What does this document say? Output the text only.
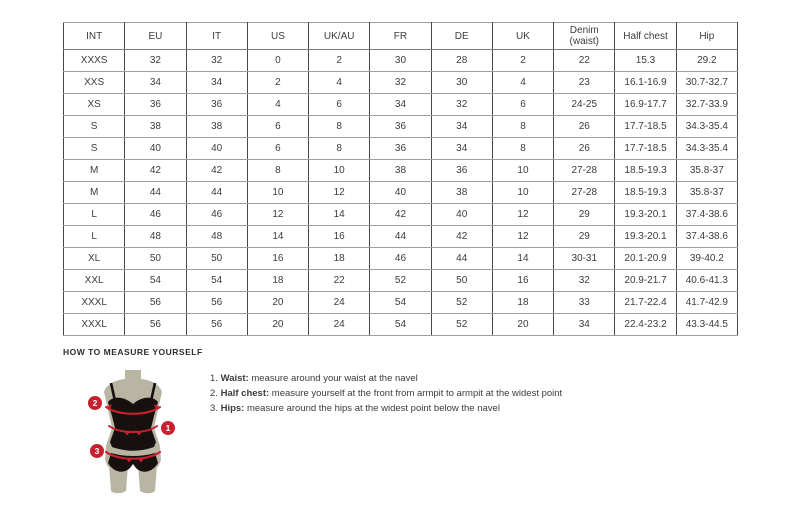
INT	EU	IT	US	UK/AU	FR	DE	UK	Denim (waist)	Half chest	Hip
XXXS	32	32	0	2	30	28	2	22	15.3	29.2
XXS	34	34	2	4	32	30	4	23	16.1-16.9	30.7-32.7
XS	36	36	4	6	34	32	6	24-25	16.9-17.7	32.7-33.9
S	38	38	6	8	36	34	8	26	17.7-18.5	34.3-35.4
S	40	40	6	8	36	34	8	26	17.7-18.5	34.3-35.4
M	42	42	8	10	38	36	10	27-28	18.5-19.3	35.8-37
M	44	44	10	12	40	38	10	27-28	18.5-19.3	35.8-37
L	46	46	12	14	42	40	12	29	19.3-20.1	37.4-38.6
L	48	48	14	16	44	42	12	29	19.3-20.1	37.4-38.6
XL	50	50	16	18	46	44	14	30-31	20.1-20.9	39-40.2
XXL	54	54	18	22	52	50	16	32	20.9-21.7	40.6-41.3
XXXL	56	56	20	24	54	52	18	33	21.7-22.4	41.7-42.9
XXXL	56	56	20	24	54	52	20	34	22.4-23.2	43.3-44.5
HOW TO MEASURE YOURSELF
2
1
3
1. Waist: measure around your waist at the navel
2. Half chest: measure yourself at the front from armpit to armpit at the widest point
3. Hips: measure around the hips at the widest point below the navel
